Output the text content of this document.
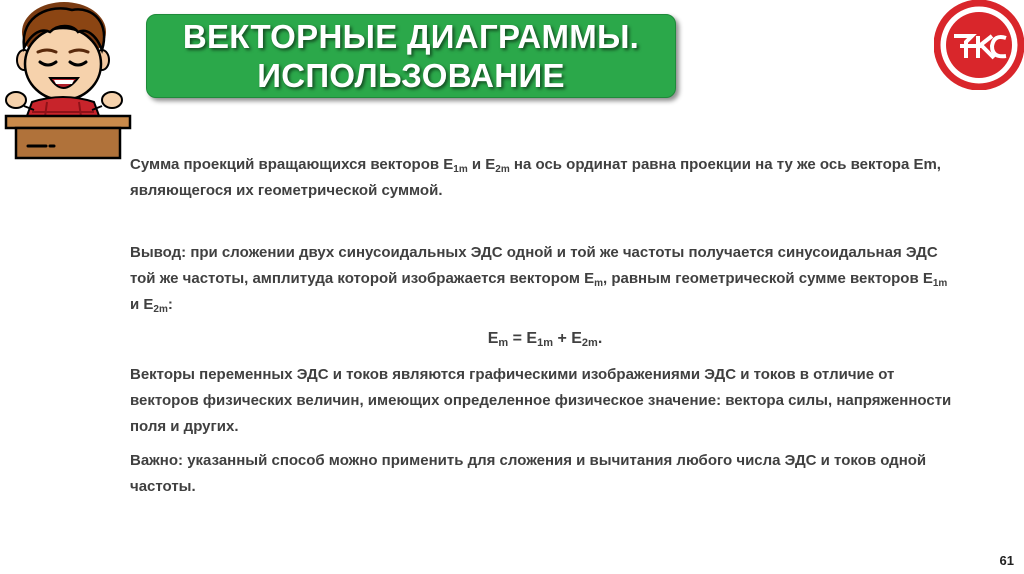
ВЕКТОРНЫЕ ДИАГРАММЫ.
ИСПОЛЬЗОВАНИЕ

Сумма проекций вращающихся векторов $E_{1m}$ и $E_{2m}$ на ось ординат равна проекции на ту же ось вектора Em, являющегося их геометрической суммой.

Вывод: при сложении двух синусоидальных ЭДС одной и той же частоты получается синусоидальная ЭДС той же частоты, амплитуда которой изображается вектором $E_m$, равным геометрической сумме векторов $E_{1m}$ и $E_{2m}$:

$E_m = E_{1m} + E_{2m}$.

Векторы переменных ЭДС и токов являются графическими изображениями ЭДС и токов в отличие от векторов физических величин, имеющих определенное физическое значение: вектора силы, напряженности поля и других.

Важно: указанный способ можно применить для сложения и вычитания любого числа ЭДС и токов одной частоты.

61
